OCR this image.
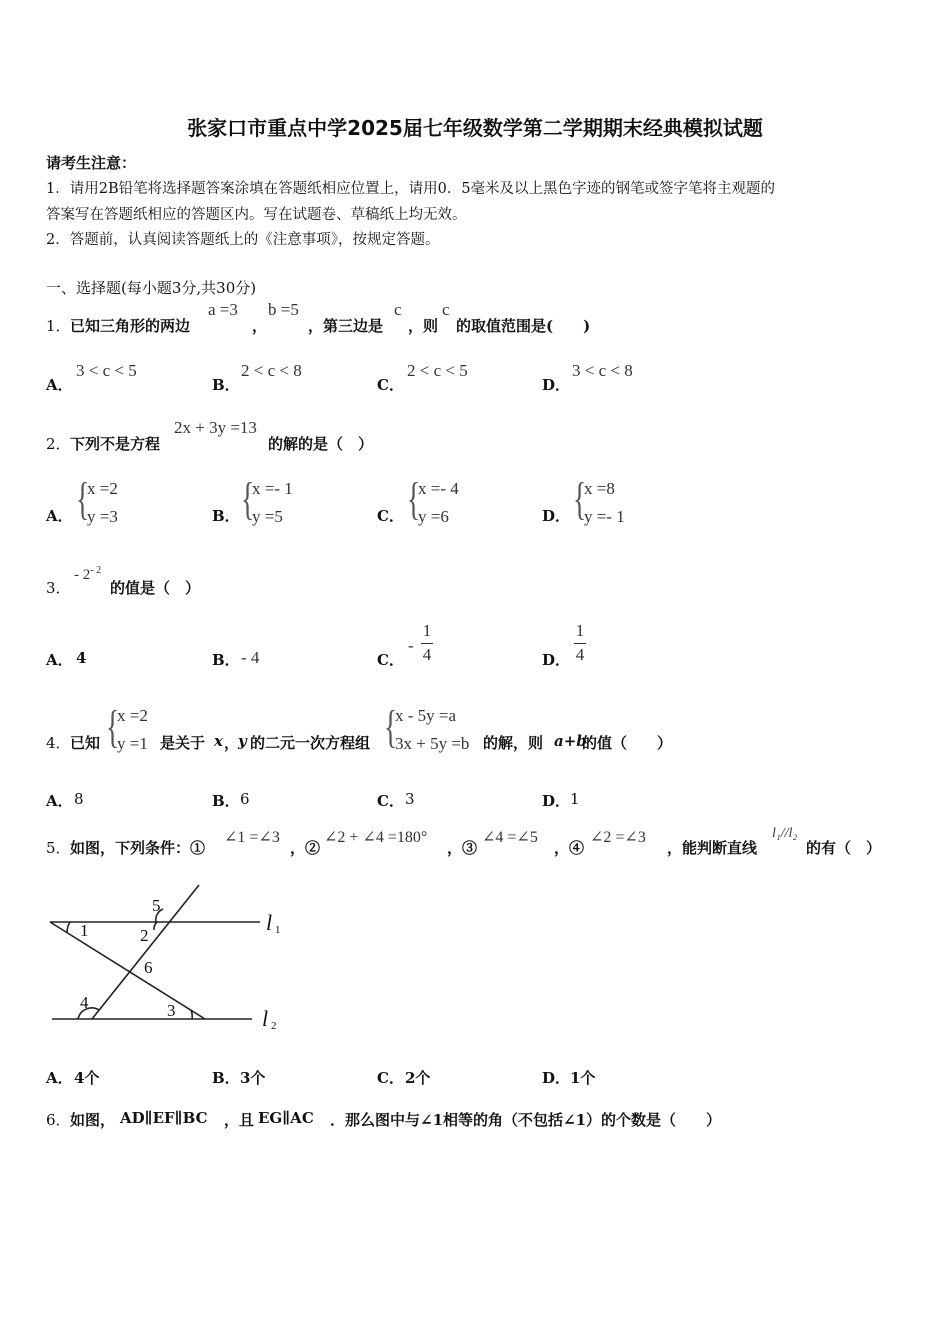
张家口市重点中学2025届七年级数学第二学期期末经典模拟试题
请考生注意：
1．请用2B铅笔将选择题答案涂填在答题纸相应位置上，请用0．5毫米及以上黑色字迹的钢笔或签字笔将主观题的
答案写在答题纸相应的答题区内。写在试题卷、草稿纸上均无效。
2．答题前，认真阅读答题纸上的《注意事项》，按规定答题。
一、选择题(每小题3分,共30分)
1． 已知三角形的两边
a =3
，
b =5
，第三边是
c
，则
c
的取值范围是(　　)
A．
3 < c < 5
B．
2 < c < 8
C．
2 < c < 5
D．
3 < c < 8
2． 下列不是方程
2x + 3y =13
的解的是（　）
A． {
x =2
y =3	B． {
x =- 1
y =5	C． {
x =- 4
y =6	D． {
x =8
y =- 1
3．
- $2^{- 2}$
的值是（　）
A． 4	B． - 4	C．
-
1
4	D．
1
4
4． 已知 {
x =2
y =1 是关于 x ，
y 的二元一次方程组 {
x - 5y =a
3x + 5y =b 的解，则 a+b
的值（　　）
A． 8	B． 6	C． 3	D． 1
5． 如图，下列条件：①
∠1 =∠3
，②
∠2 + ∠4 =180°
，③
∠4 =∠5
，④
∠2 =∠3
，能判断直线
l₁//l₂
的有（　）
5
1	2
6
4	3
l 1
l 2
A． 4个	B． 3个	C． 2个	D． 1个
6． 如图， AD∥EF∥BC ，且 EG∥AC ．那么图中与∠1相等的角（不包括∠1）的个数是（　　）
